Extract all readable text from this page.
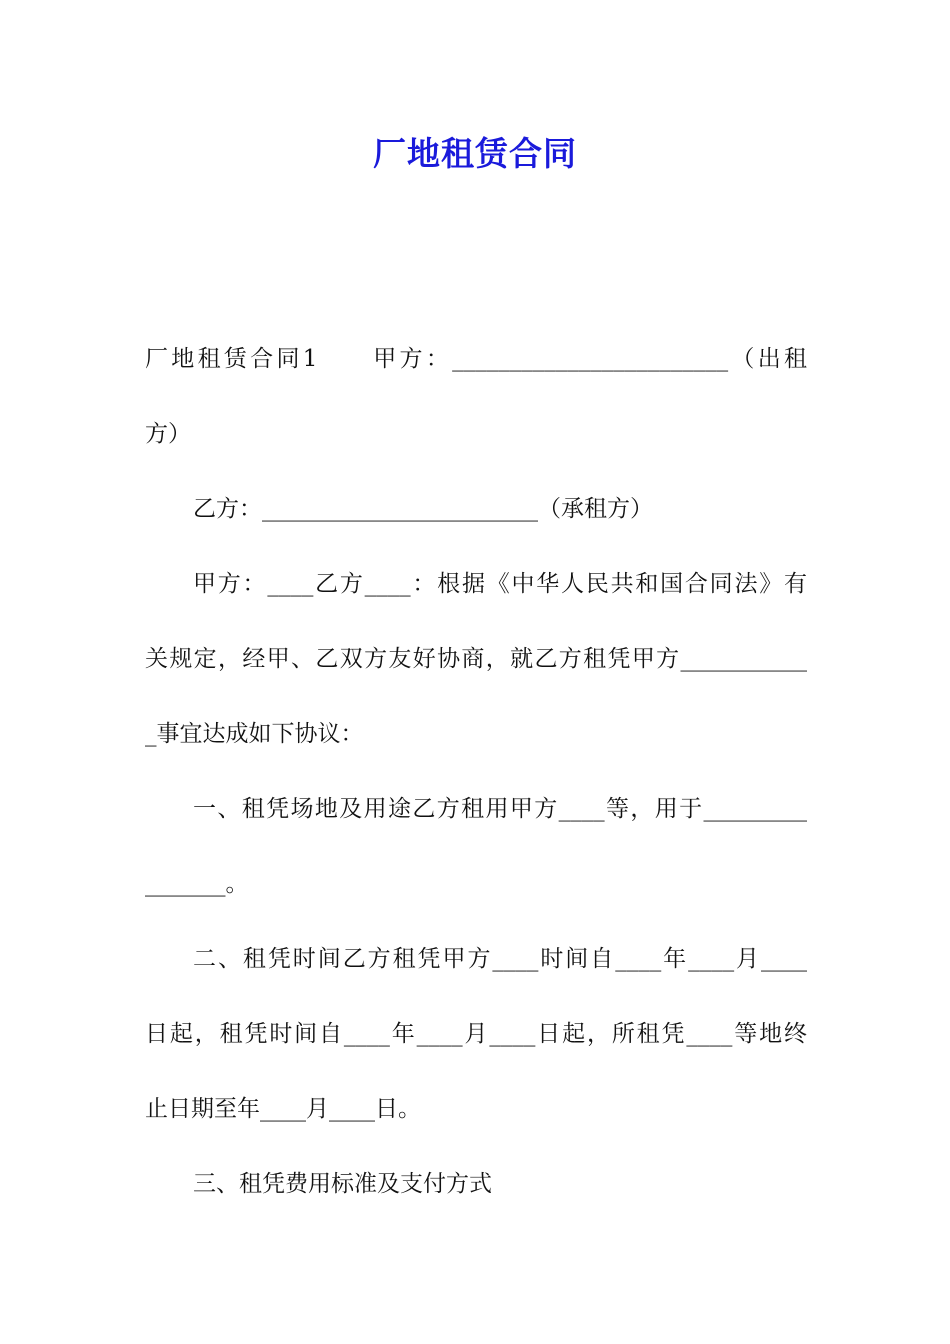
厂地租赁合同
厂地租赁合同1　　甲方：________________________（出租
方）
乙方：________________________（承租方）
甲方：____乙方____：根据《中华人民共和国合同法》有
关规定，经甲、乙双方友好协商，就乙方租凭甲方___________
_事宜达成如下协议：
一、租凭场地及用途乙方租用甲方____等，用于_________
_______。
二、租凭时间乙方租凭甲方____时间自____年____月____
日起，租凭时间自____年____月____日起，所租凭____等地终
止日期至年____月____日。
三、租凭费用标准及支付方式
